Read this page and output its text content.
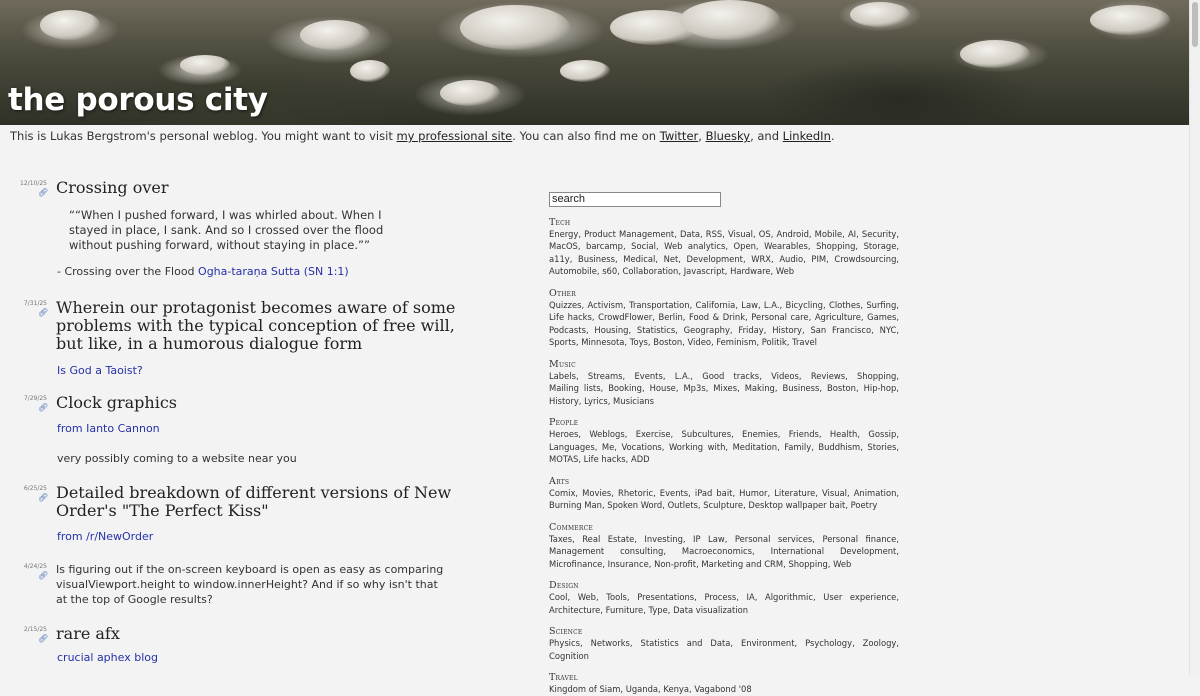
the porous city
This is Lukas Bergstrom's personal weblog. You might want to visit my professional site. You can also find me on Twitter, Bluesky, and LinkedIn.
12/10/25
🔗︎ Crossing over

““When I pushed forward, I was whirled about. When I stayed in place, I sank. And so I crossed over the flood without pushing forward, without staying in place.””

- Crossing over the Flood Ogha-taraṇa Sutta (SN 1:1)
7/31/25
🔗︎ Wherein our protagonist becomes aware of some problems with the typical conception of free will, but like, in a humorous dialogue form
Is God a Taoist?
7/29/25
🔗︎ Clock graphics
from Ianto Cannon
very possibly coming to a website near you
6/25/25
🔗︎ Detailed breakdown of different versions of New Order's "The Perfect Kiss"
from /r/NewOrder
4/24/25
🔗︎ Is figuring out if the on-screen keyboard is open as easy as comparing visualViewport.height to window.innerHeight? And if so why isn't that at the top of Google results?
2/15/25
🔗︎ rare afx
crucial aphex blog
search
Tech
Energy, Product Management, Data, RSS, Visual, OS, Android, Mobile, AI, Security, MacOS, barcamp, Social, Web analytics, Open, Wearables, Shopping, Storage, a11y, Business, Medical, Net, Development, WRX, Audio, PIM, Crowdsourcing, Automobile, s60, Collaboration, Javascript, Hardware, Web
Other
Quizzes, Activism, Transportation, California, Law, L.A., Bicycling, Clothes, Surfing, Life hacks, CrowdFlower, Berlin, Food & Drink, Personal care, Agriculture, Games, Podcasts, Housing, Statistics, Geography, Friday, History, San Francisco, NYC, Sports, Minnesota, Toys, Boston, Video, Feminism, Politik, Travel
Music
Labels, Streams, Events, L.A., Good tracks, Videos, Reviews, Shopping, Mailing lists, Booking, House, Mp3s, Mixes, Making, Business, Boston, Hip-hop, History, Lyrics, Musicians
People
Heroes, Weblogs, Exercise, Subcultures, Enemies, Friends, Health, Gossip, Languages, Me, Vocations, Working with, Meditation, Family, Buddhism, Stories, MOTAS, Life hacks, ADD
Arts
Comix, Movies, Rhetoric, Events, iPad bait, Humor, Literature, Visual, Animation, Burning Man, Spoken Word, Outlets, Sculpture, Desktop wallpaper bait, Poetry
Commerce
Taxes, Real Estate, Investing, IP Law, Personal services, Personal finance, Management consulting, Macroeconomics, International Development, Microfinance, Insurance, Non-profit, Marketing and CRM, Shopping, Web
Design
Cool, Web, Tools, Presentations, Process, IA, Algorithmic, User experience, Architecture, Furniture, Type, Data visualization
Science
Physics, Networks, Statistics and Data, Environment, Psychology, Zoology, Cognition
Travel
Kingdom of Siam, Uganda, Kenya, Vagabond '08
